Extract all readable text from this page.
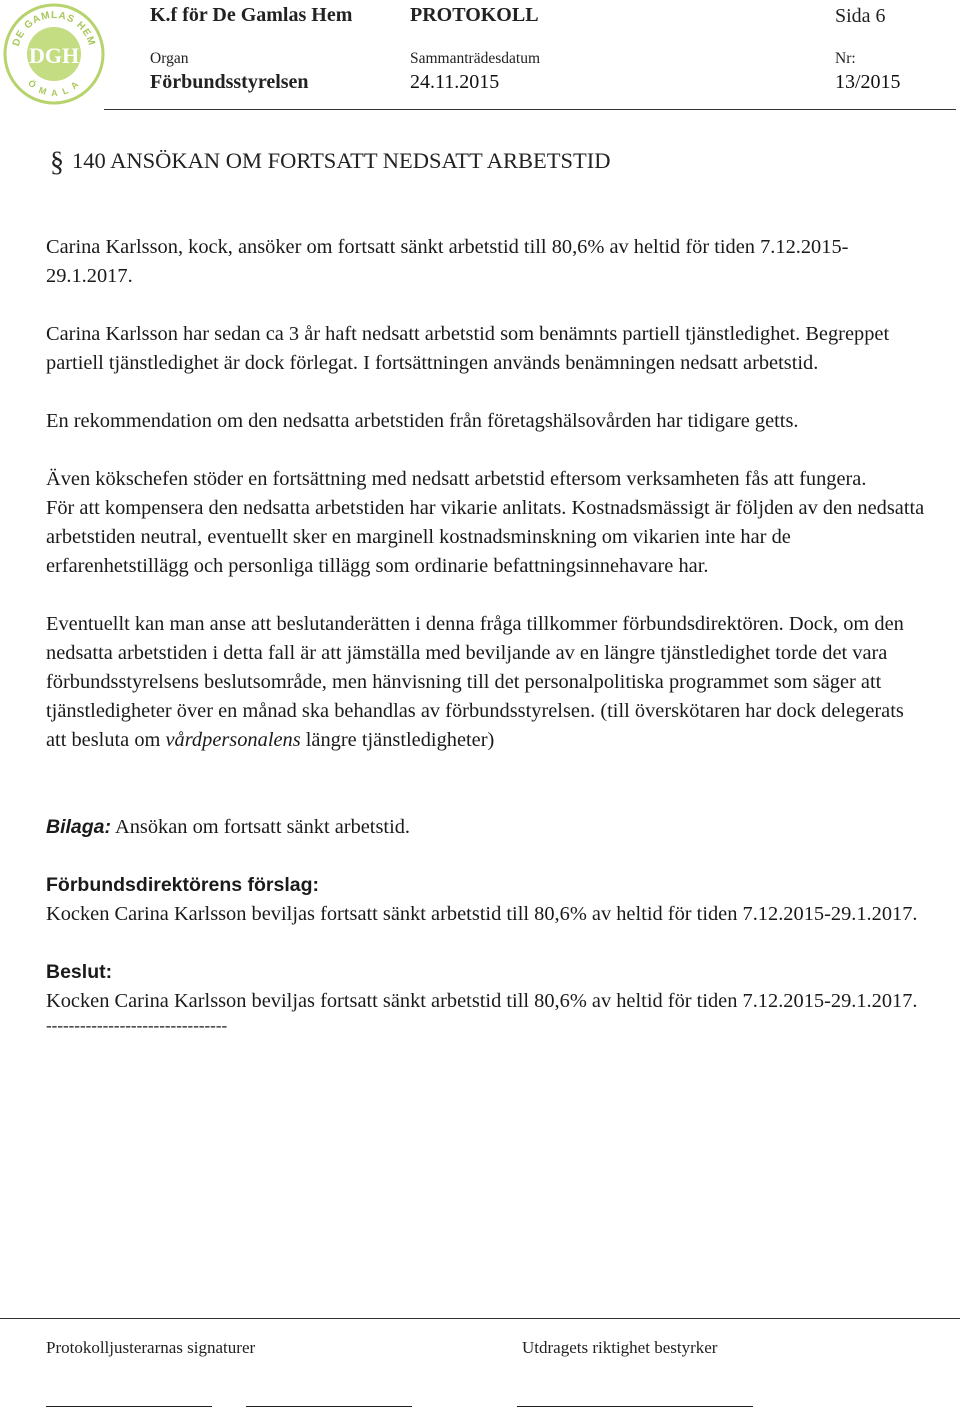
DE GAMLAS HEM
DGH
Ö M A L A
K.f för De Gamlas Hem	PROTOKOLL	Sida 6
Organ	Sammanträdesdatum	Nr:
Förbundsstyrelsen	24.11.2015	13/2015
§ 140 ANSÖKAN OM FORTSATT NEDSATT ARBETSTID

Carina Karlsson, kock, ansöker om fortsatt sänkt arbetstid till 80,6% av heltid för tiden 7.12.2015-29.1.2017.

Carina Karlsson har sedan ca 3 år haft nedsatt arbetstid som benämnts partiell tjänstledighet. Begreppet partiell tjänstledighet är dock förlegat. I fortsättningen används benämningen nedsatt arbetstid.

En rekommendation om den nedsatta arbetstiden från företagshälsovården har tidigare getts.

Även kökschefen stöder en fortsättning med nedsatt arbetstid eftersom verksamheten fås att fungera.

För att kompensera den nedsatta arbetstiden har vikarie anlitats. Kostnadsmässigt är följden av den nedsatta arbetstiden neutral, eventuellt sker en marginell kostnadsminskning om vikarien inte har de erfarenhetstillägg och personliga tillägg som ordinarie befattningsinnehavare har.

Eventuellt kan man anse att beslutanderätten i denna fråga tillkommer förbundsdirektören. Dock, om den nedsatta arbetstiden i detta fall är att jämställa med beviljande av en längre tjänstledighet torde det vara förbundsstyrelsens beslutsområde, men hänvisning till det personalpolitiska programmet som säger att tjänstledigheter över en månad ska behandlas av förbundsstyrelsen. (till överskötaren har dock delegerats att besluta om vårdpersonalens längre tjänstledigheter)

Bilaga: Ansökan om fortsatt sänkt arbetstid.

Förbundsdirektörens förslag:

Kocken Carina Karlsson beviljas fortsatt sänkt arbetstid till 80,6% av heltid för tiden 7.12.2015-29.1.2017.

Beslut:

Kocken Carina Karlsson beviljas fortsatt sänkt arbetstid till 80,6% av heltid för tiden 7.12.2015-29.1.2017.

--------------------------------

Protokolljusterarnas signaturer	Utdragets riktighet bestyrker
